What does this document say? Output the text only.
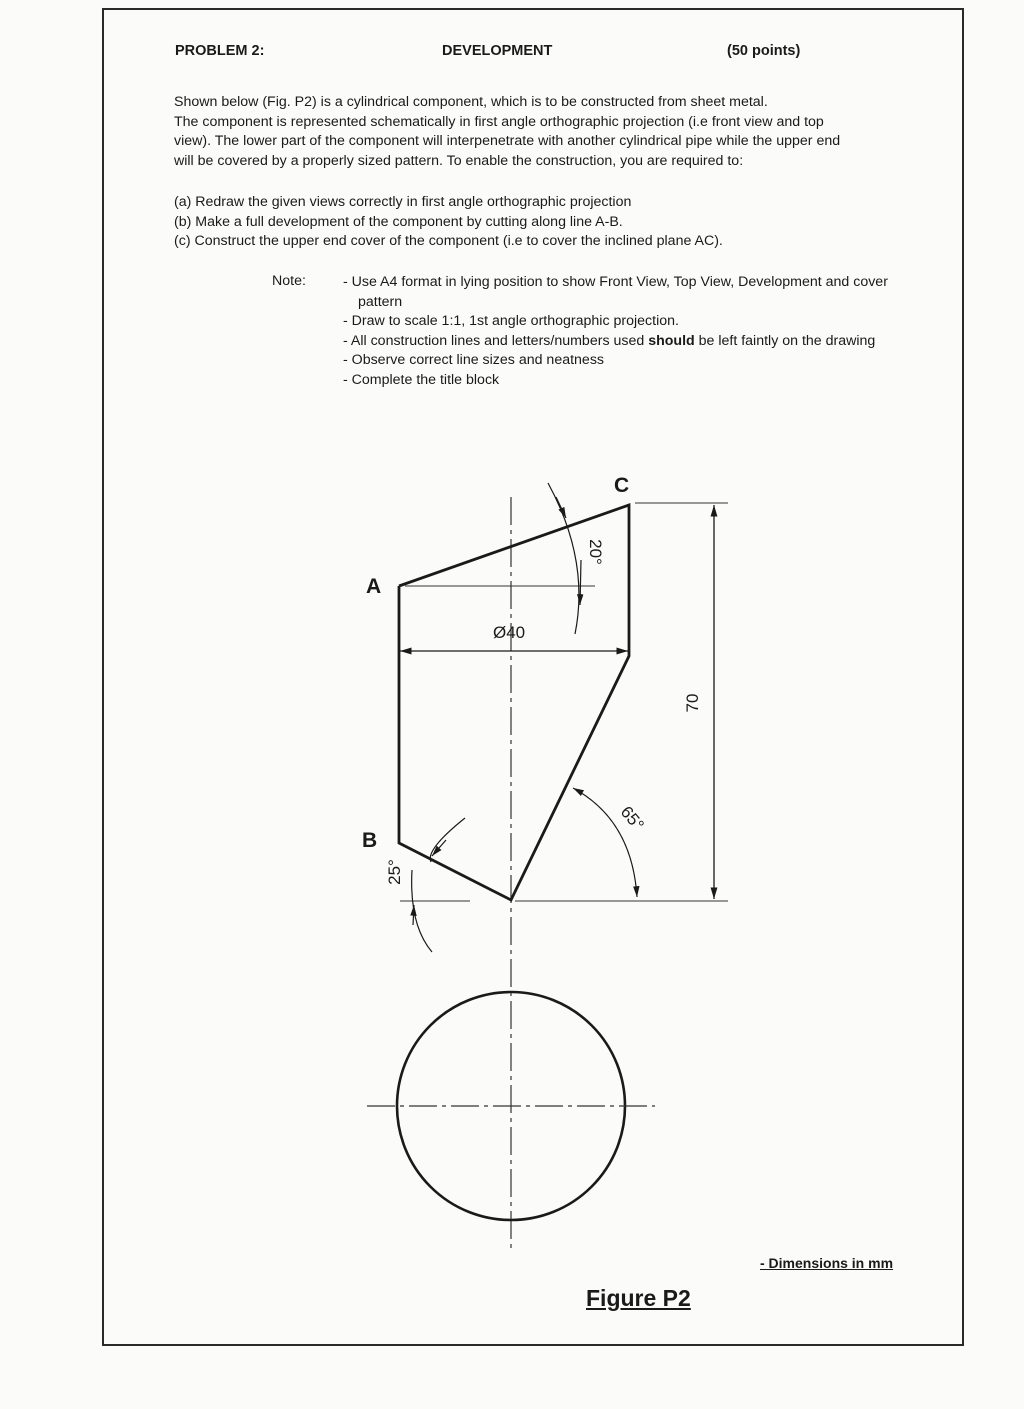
PROBLEM 2:	DEVELOPMENT	(50 points)

Shown below (Fig. P2) is a cylindrical component, which is to be constructed from sheet metal.

The component is represented schematically in first angle orthographic projection (i.e front view and top

view). The lower part of the component will interpenetrate with another cylindrical pipe while the upper end

will be covered by a properly sized pattern. To enable the construction, you are required to:

(a) Redraw the given views correctly in first angle orthographic projection
(b) Make a full development of the component by cutting along line A-B.
(c) Construct the upper end cover of the component (i.e to cover the inclined plane AC).
Note:	- Use A4 format in lying position to show Front View, Top View, Development and cover pattern
- Draw to scale 1:1, 1st angle orthographic projection.
- All construction lines and letters/numbers used should be left faintly on the drawing
- Observe correct line sizes and neatness
- Complete the title block
Ø40
70
20°
65°
25°
A
B
C
- Dimensions in mm
Figure P2
